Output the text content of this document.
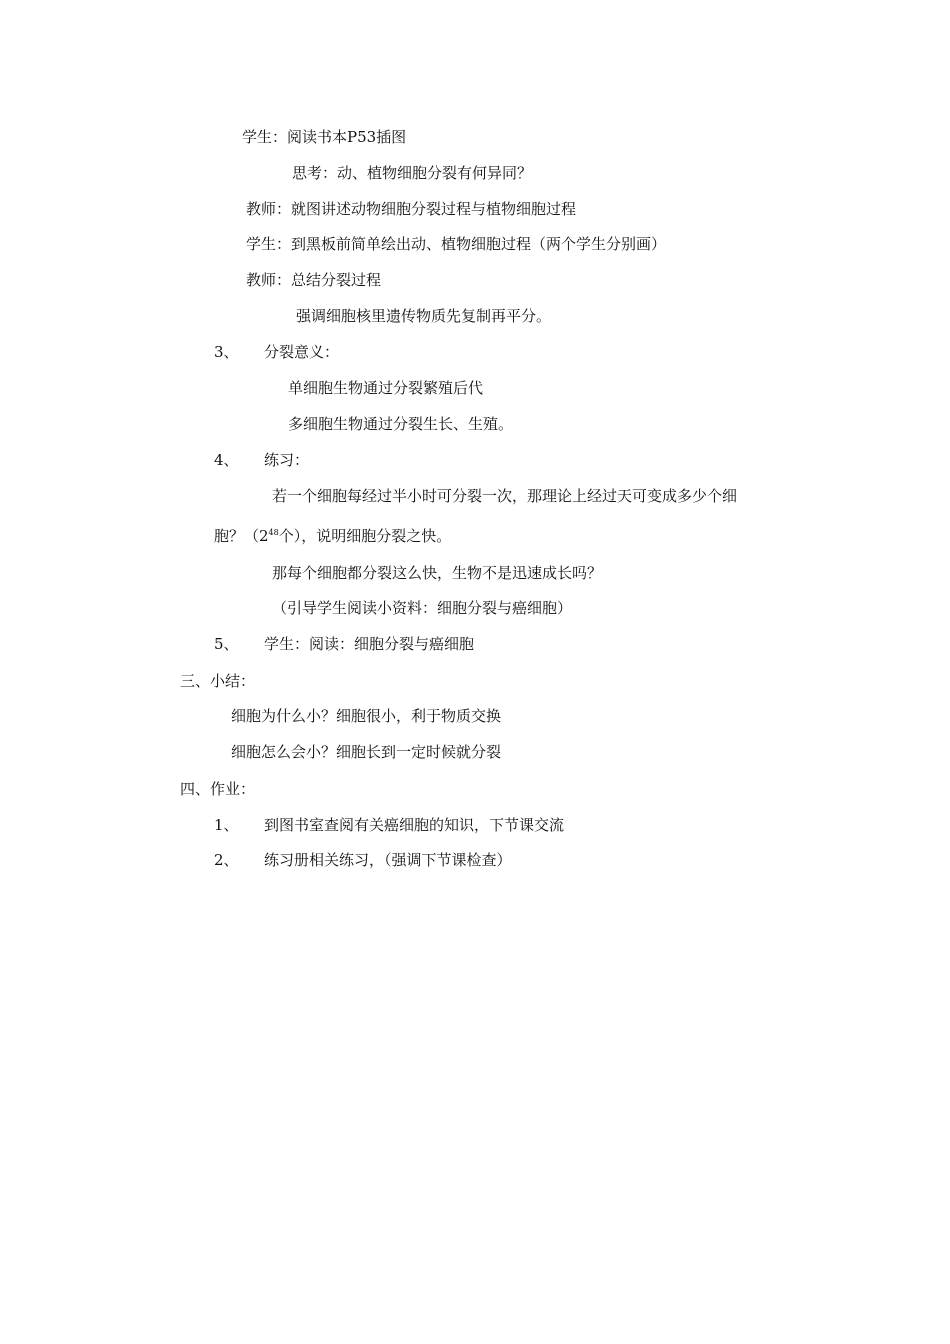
学生：阅读书本P53插图
思考：动、植物细胞分裂有何异同？
教师：就图讲述动物细胞分裂过程与植物细胞过程
学生：到黑板前简单绘出动、植物细胞过程（两个学生分别画）
教师：总结分裂过程
强调细胞核里遗传物质先复制再平分。
3、 分裂意义：
单细胞生物通过分裂繁殖后代
多细胞生物通过分裂生长、生殖。
4、 练习：
若一个细胞每经过半小时可分裂一次，那理论上经过天可变成多少个细
胞？（$2^{48}$个），说明细胞分裂之快。
那每个细胞都分裂这么快，生物不是迅速成长吗？
（引导学生阅读小资料：细胞分裂与癌细胞）
5、 学生：阅读：细胞分裂与癌细胞
三、小结：
细胞为什么小？细胞很小，利于物质交换
细胞怎么会小？细胞长到一定时候就分裂
四、作业：
1、 到图书室查阅有关癌细胞的知识，下节课交流
2、 练习册相关练习，（强调下节课检查）
